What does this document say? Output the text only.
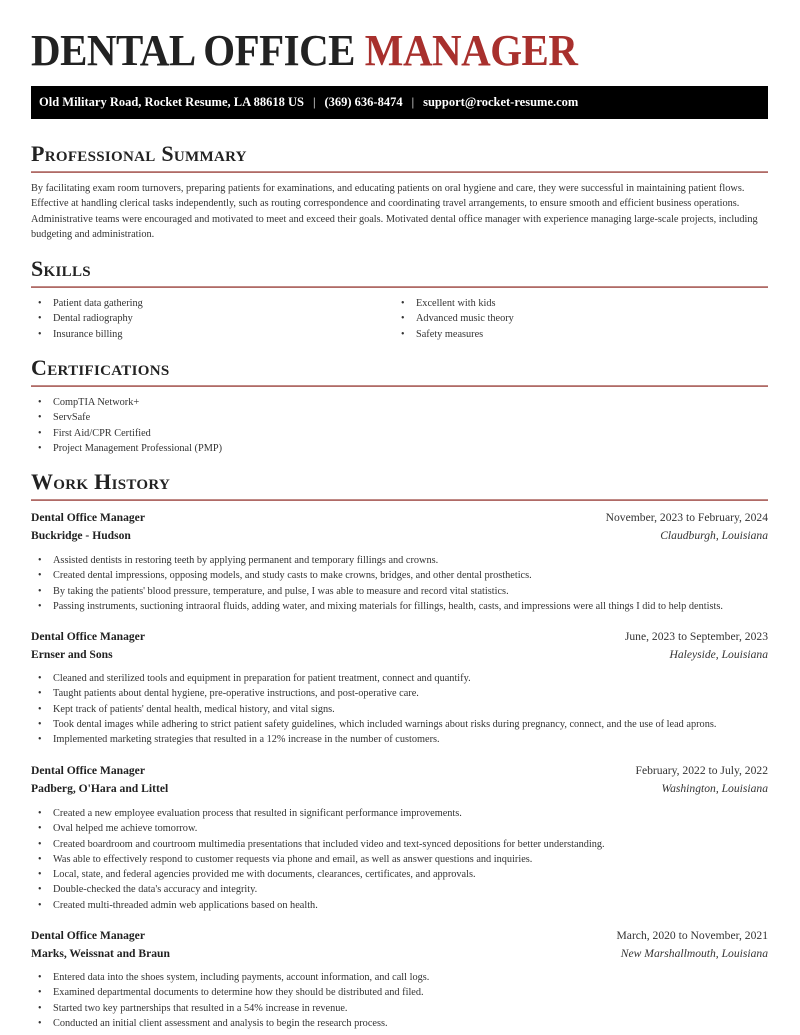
DENTAL OFFICE MANAGER
Old Military Road, Rocket Resume, LA 88618 US | (369) 636-8474 | support@rocket-resume.com
Professional Summary
By facilitating exam room turnovers, preparing patients for examinations, and educating patients on oral hygiene and care, they were successful in maintaining patient flows. Effective at handling clerical tasks independently, such as routing correspondence and coordinating travel arrangements, to ensure smooth and efficient business operations. Administrative teams were encouraged and motivated to meet and exceed their goals. Motivated dental office manager with experience managing large-scale projects, including budgeting and administration.
Skills
• Patient data gathering
• Dental radiography
• Insurance billing
• Excellent with kids
• Advanced music theory
• Safety measures
Certifications
• CompTIA Network+
• ServSafe
• First Aid/CPR Certified
• Project Management Professional (PMP)
Work History
Dental Office Manager	November, 2023 to February, 2024
Buckridge - Hudson	Claudburgh, Louisiana
• Assisted dentists in restoring teeth by applying permanent and temporary fillings and crowns.
• Created dental impressions, opposing models, and study casts to make crowns, bridges, and other dental prosthetics.
• By taking the patients' blood pressure, temperature, and pulse, I was able to measure and record vital statistics.
• Passing instruments, suctioning intraoral fluids, adding water, and mixing materials for fillings, health, casts, and impressions were all things I did to help dentists.
Dental Office Manager	June, 2023 to September, 2023
Ernser and Sons	Haleyside, Louisiana
• Cleaned and sterilized tools and equipment in preparation for patient treatment, connect and quantify.
• Taught patients about dental hygiene, pre-operative instructions, and post-operative care.
• Kept track of patients' dental health, medical history, and vital signs.
• Took dental images while adhering to strict patient safety guidelines, which included warnings about risks during pregnancy, connect, and the use of lead aprons.
• Implemented marketing strategies that resulted in a 12% increase in the number of customers.
Dental Office Manager	February, 2022 to July, 2022
Padberg, O'Hara and Littel	Washington, Louisiana
• Created a new employee evaluation process that resulted in significant performance improvements.
• Oval helped me achieve tomorrow.
• Created boardroom and courtroom multimedia presentations that included video and text-synced depositions for better understanding.
• Was able to effectively respond to customer requests via phone and email, as well as answer questions and inquiries.
• Local, state, and federal agencies provided me with documents, clearances, certificates, and approvals.
• Double-checked the data's accuracy and integrity.
• Created multi-threaded admin web applications based on health.
Dental Office Manager	March, 2020 to November, 2021
Marks, Weissnat and Braun	New Marshallmouth, Louisiana
• Entered data into the shoes system, including payments, account information, and call logs.
• Examined departmental documents to determine how they should be distributed and filed.
• Started two key partnerships that resulted in a 54% increase in revenue.
• Conducted an initial client assessment and analysis to begin the research process.
